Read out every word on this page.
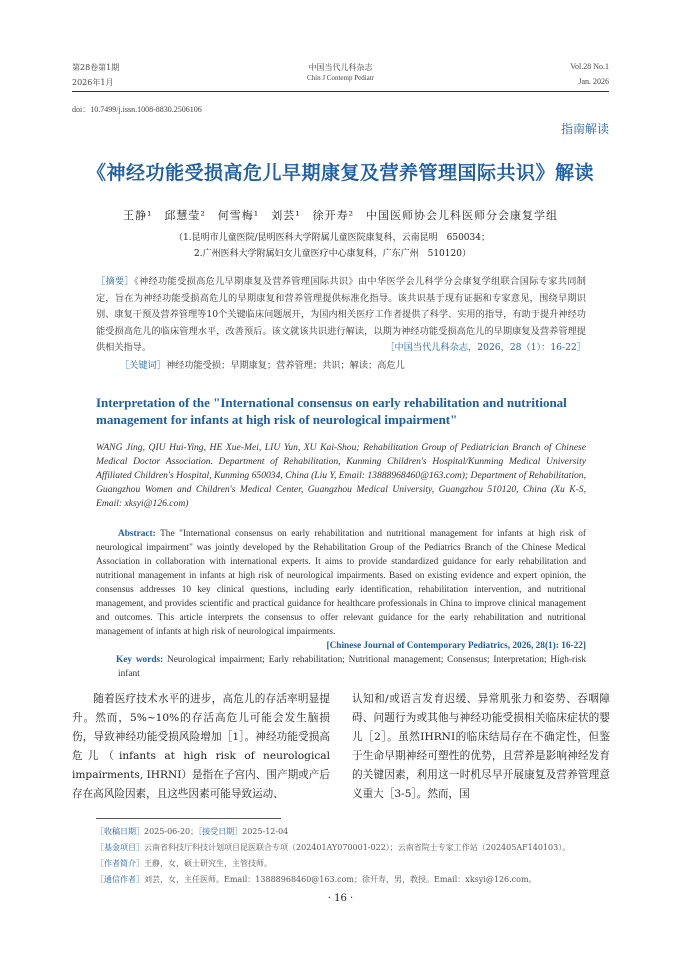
第28卷第1期
2026年1月
中国当代儿科杂志
Chin J Contemp Pediatr
Vol.28 No.1
Jan. 2026
doi：10.7499/j.issn.1008-8830.2506106
指南解读
《神经功能受损高危儿早期康复及营养管理国际共识》解读
王静¹　邱慧莹²　何雪梅¹　刘芸¹　徐开寿²　中国医师协会儿科医师分会康复学组
（1.昆明市儿童医院/昆明医科大学附属儿童医院康复科，云南昆明　650034；
2.广州医科大学附属妇女儿童医疗中心康复科，广东广州　510120）
［摘要］《神经功能受损高危儿早期康复及营养管理国际共识》由中华医学会儿科学分会康复学组联合国际专家共同制定，旨在为神经功能受损高危儿的早期康复和营养管理提供标准化指导。该共识基于现有证据和专家意见，围绕早期识别、康复干预及营养管理等10个关键临床问题展开，为国内相关医疗工作者提供了科学、实用的指导，有助于提升神经功能受损高危儿的临床管理水平，改善预后。该文就该共识进行解读，以期为神经功能受损高危儿的早期康复及营养管理提供相关指导。	［中国当代儿科杂志，2026，28（1）：16-22］
［关键词］神经功能受损；早期康复；营养管理；共识；解读；高危儿
Interpretation of the "International consensus on early rehabilitation and nutritional management for infants at high risk of neurological impairment"
WANG Jing, QIU Hui-Ying, HE Xue-Mei, LIU Yun, XU Kai-Shou; Rehabilitation Group of Pediatrician Branch of Chinese Medical Doctor Association. Department of Rehabilitation, Kunming Children's Hospital/Kunming Medical University Affiliated Children's Hospital, Kunming 650034, China (Liu Y, Email: 13888968460@163.com); Department of Rehabilitation, Guangzhou Women and Children's Medical Center, Guangzhou Medical University, Guangzhou 510120, China (Xu K-S, Email: xksyi@126.com)
Abstract: The "International consensus on early rehabilitation and nutritional management for infants at high risk of neurological impairment" was jointly developed by the Rehabilitation Group of the Pediatrics Branch of the Chinese Medical Association in collaboration with international experts. It aims to provide standardized guidance for early rehabilitation and nutritional management in infants at high risk of neurological impairments. Based on existing evidence and expert opinion, the consensus addresses 10 key clinical questions, including early identification, rehabilitation intervention, and nutritional management, and provides scientific and practical guidance for healthcare professionals in China to improve clinical management and outcomes. This article interprets the consensus to offer relevant guidance for the early rehabilitation and nutritional management of infants at high risk of neurological impairments.
[Chinese Journal of Contemporary Pediatrics, 2026, 28(1): 16-22]
Key words: Neurological impairment; Early rehabilitation; Nutritional management; Consensus; Interpretation; High-risk infant
随着医疗技术水平的进步，高危儿的存活率明显提升。然而，5%~10%的存活高危儿可能会发生脑损伤，导致神经功能受损风险增加［1］。神经功能受损高危儿（infants at high risk of neurological impairments, IHRNI）是指在子宫内、围产期或产后存在高风险因素，且这些因素可能导致运动、
认知和/或语言发育迟缓、异常肌张力和姿势、吞咽障碍、问题行为或其他与神经功能受损相关临床症状的婴儿［2］。虽然IHRNI的临床结局存在不确定性，但鉴于生命早期神经可塑性的优势，且营养是影响神经发育的关键因素，利用这一时机尽早开展康复及营养管理意义重大［3-5］。然而，国
［收稿日期］2025-06-20；［接受日期］2025-12-04
［基金项目］云南省科技厅科技计划项目昆医联合专项（202401AY070001-022）；云南省院士专家工作站（202405AF140103）。
［作者简介］王静，女，硕士研究生，主管技师。
［通信作者］刘芸，女，主任医师。Email：13888968460@163.com；徐开寿，男，教授。Email：xksyi@126.com。
· 16 ·
